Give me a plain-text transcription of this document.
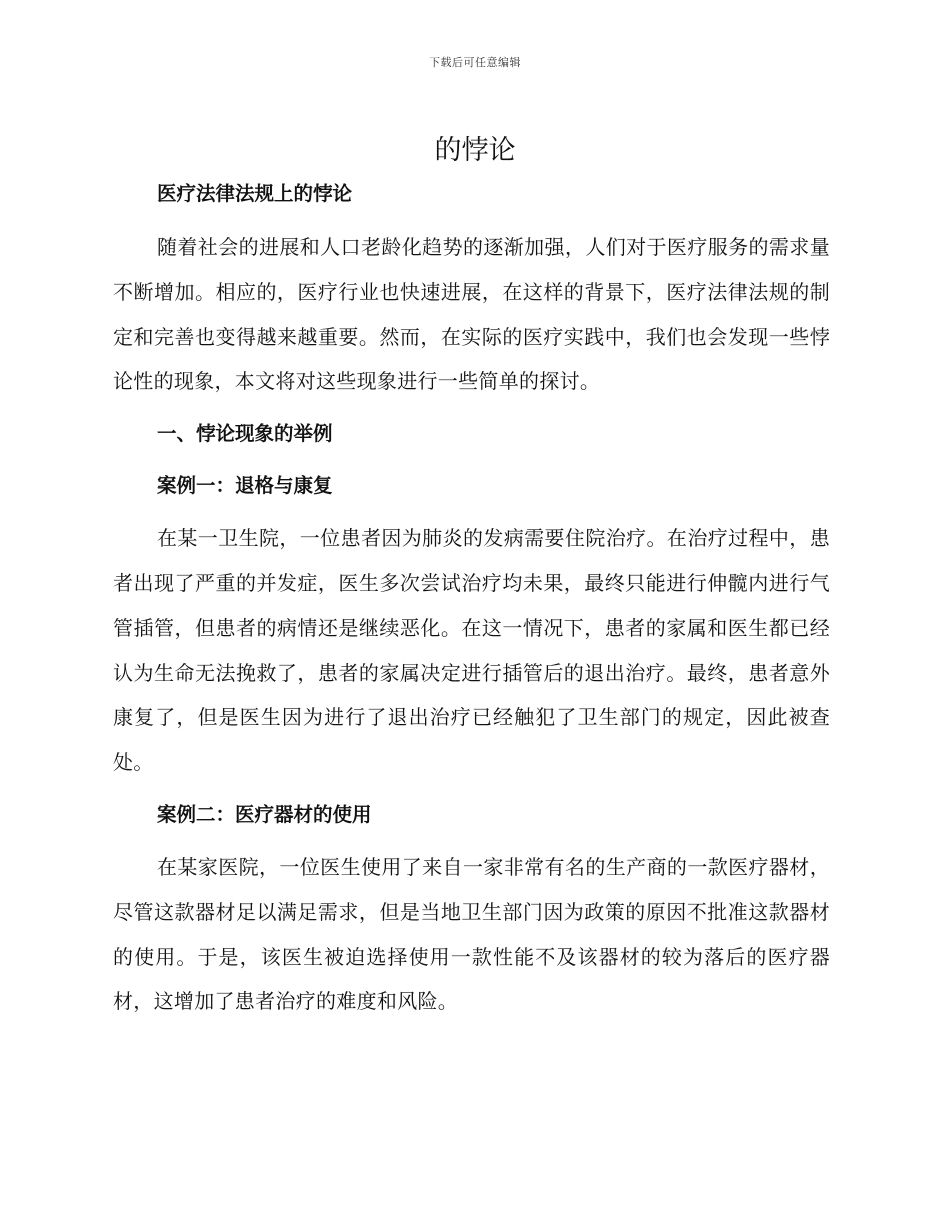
下载后可任意编辑
的悖论

医疗法律法规上的悖论

随着社会的进展和人口老龄化趋势的逐渐加强，人们对于医疗服务的需求量不断增加。相应的，医疗行业也快速进展，在这样的背景下，医疗法律法规的制定和完善也变得越来越重要。然而，在实际的医疗实践中，我们也会发现一些悖论性的现象，本文将对这些现象进行一些简单的探讨。

一、悖论现象的举例

案例一：退格与康复

在某一卫生院，一位患者因为肺炎的发病需要住院治疗。在治疗过程中，患者出现了严重的并发症，医生多次尝试治疗均未果，最终只能进行伸髋内进行气管插管，但患者的病情还是继续恶化。在这一情况下，患者的家属和医生都已经认为生命无法挽救了，患者的家属决定进行插管后的退出治疗。最终，患者意外康复了，但是医生因为进行了退出治疗已经触犯了卫生部门的规定，因此被查处。

案例二：医疗器材的使用

在某家医院，一位医生使用了来自一家非常有名的生产商的一款医疗器材，尽管这款器材足以满足需求，但是当地卫生部门因为政策的原因不批准这款器材的使用。于是，该医生被迫选择使用一款性能不及该器材的较为落后的医疗器材，这增加了患者治疗的难度和风险。
